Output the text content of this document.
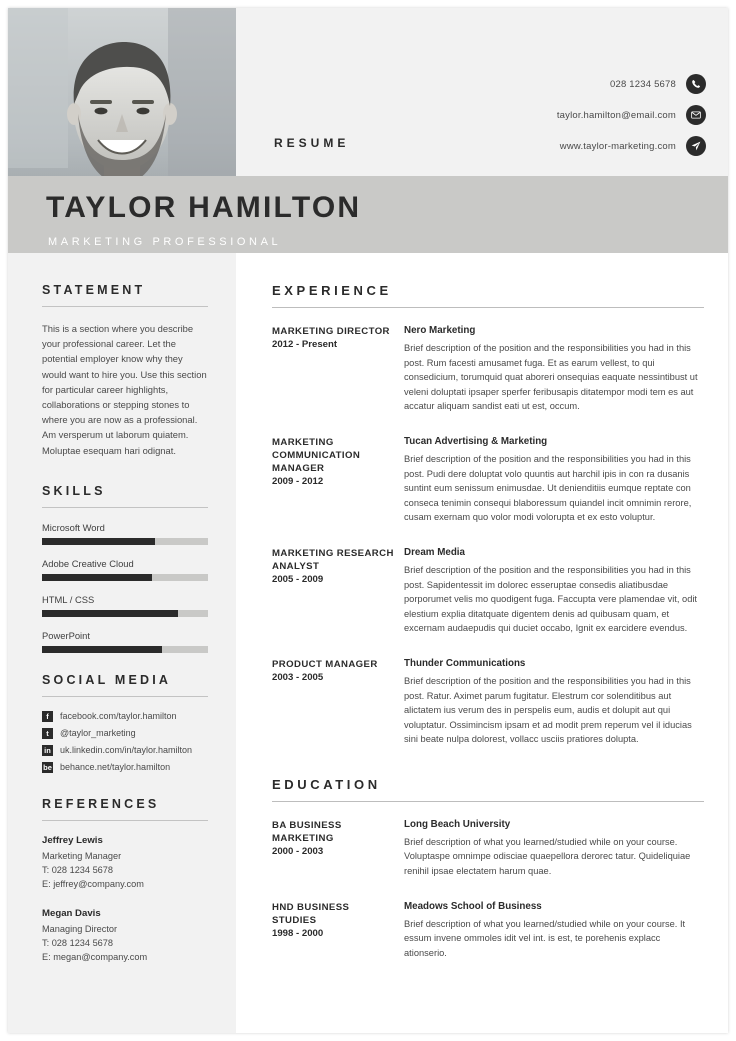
028 1234 5678
taylor.hamilton@email.com
www.taylor-marketing.com
RESUME
TAYLOR HAMILTON
MARKETING PROFESSIONAL
STATEMENT

This is a section where you describe your professional career. Let the potential employer know why they would want to hire you. Use this section for particular career highlights, collaborations or stepping stones to where you are now as a professional. Am versperum ut laborum quiatem. Moluptae esequam hari odignat.

SKILLS
Microsoft Word
Adobe Creative Cloud
HTML / CSS
PowerPoint
SOCIAL MEDIA
f	facebook.com/taylor.hamilton
t	@taylor_marketing
in uk.linkedin.com/in/taylor.hamilton
be behance.net/taylor.hamilton
REFERENCES
Jeffrey Lewis
Marketing Manager
T: 028 1234 5678
E: jeffrey@company.com
Megan Davis
Managing Director
T: 028 1234 5678
E: megan@company.com
EXPERIENCE
MARKETING DIRECTOR
2012 - Present
Nero Marketing
Brief description of the position and the responsibilities you had in this post. Rum facesti amusamet fuga. Et as earum vellest, to qui consedicium, torumquid quat aboreri onsequias eaquate nessintibust ut veleni doluptati ipsaper sperfer feribusapis ditatempor modi tem es aut accatur aliquam sandist eati ut est, occum.
MARKETING COMMUNICATION MANAGER
2009 - 2012
Tucan Advertising & Marketing
Brief description of the position and the responsibilities you had in this post. Pudi dere doluptat volo quuntis aut harchil ipis in con ra dusanis suntint eum senissum enimusdae. Ut denienditiis eumque reptate con conseca tenimin consequi blaboressum quiandel incit omnimin rerore, cusam exernam quo volor modi volorupta et ex esto voluptur.
MARKETING RESEARCH ANALYST
2005 - 2009
Dream Media
Brief description of the position and the responsibilities you had in this post. Sapidentessit im dolorec esseruptae consedis aliatibusdae porporumet velis mo quodigent fuga. Faccupta vere plamendae vit, odit elestium explia ditatquate digentem denis ad quibusam quam, et excernam audaepudis qui duciet occabo, Ignit ex earcidere evendus.
PRODUCT MANAGER
2003 - 2005
Thunder Communications
Brief description of the position and the responsibilities you had in this post. Ratur. Aximet parum fugitatur. Elestrum cor solenditibus aut alictatem ius verum des in perspelis eum, audis et dolupit aut qui voluptatur. Ossimincism ipsam et ad modit prem reperum vel il iducias sini beate nulpa dolorest, vollacc usciis pratiores dolupta.
EDUCATION
BA BUSINESS MARKETING
2000 - 2003
Long Beach University
Brief description of what you learned/studied while on your course. Voluptaspe omnimpe odisciae quaepellora derorec tatur. Quideliquiae renihil ipsae electatem harum quae.
HND BUSINESS STUDIES
1998 - 2000
Meadows School of Business
Brief description of what you learned/studied while on your course. It essum invene ommoles idit vel int. is est, te porehenis explacc ationserio.
